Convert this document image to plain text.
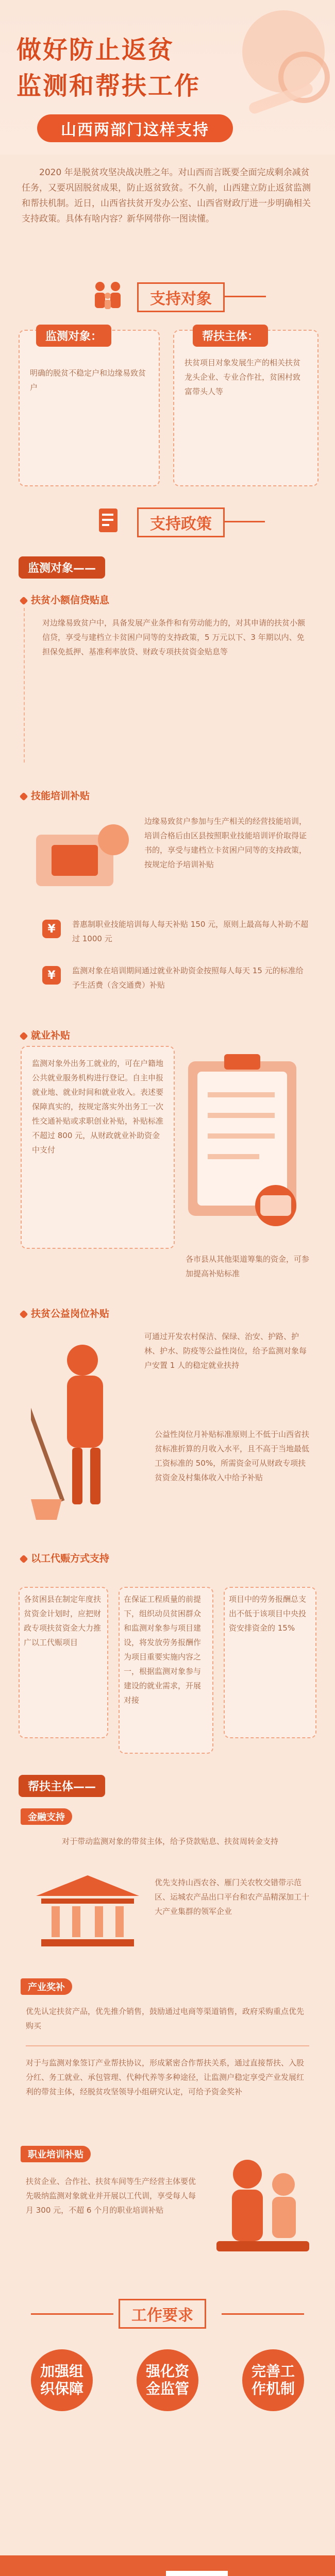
做好防止返贫
监测和帮扶工作
山西两部门这样支持
2020 年是脱贫攻坚决战决胜之年。对山西而言既要全面完成剩余减贫任务，又要巩固脱贫成果，防止返贫致贫。不久前，山西建立防止返贫监测和帮扶机制。近日，山西省扶贫开发办公室、山西省财政厅进一步明确相关支持政策。具体有啥内容？新华网带你一图读懂。
支持对象
监测对象：
明确的脱贫不稳定户和边缘易致贫户
帮扶主体：
扶贫项目对象发展生产的相关扶贫龙头企业、专业合作社，贫困村致富带头人等
支持政策
监测对象——
扶贫小额信贷贴息
对边缘易致贫户中，具备发展产业条件和有劳动能力的，对其申请的扶贫小额信贷，享受与建档立卡贫困户同等的支持政策，5 万元以下、3 年期以内、免担保免抵押、基准利率放贷、财政专项扶贫资金贴息等
技能培训补贴
边缘易致贫户参加与生产相关的经营技能培训，培训合格后由区县按照职业技能培训评价取得证书的，享受与建档立卡贫困户同等的支持政策，按规定给予培训补贴
¥	普惠制职业技能培训每人每天补贴 150 元，原则上最高每人补助不超过 1000 元
¥	监测对象在培训期间通过就业补助资金按照每人每天 15 元的标准给予生活费（含交通费）补贴
就业补贴
监测对象外出务工就业的，可在户籍地公共就业服务机构进行登记。自主申报就业地、就业时间和就业收入。表述要保障真实的，按规定落实外出务工一次性交通补贴或求职创业补贴，补贴标准不超过 800 元，从财政就业补助资金中支付
各市县从其他渠道筹集的资金，可参加提高补贴标准
扶贫公益岗位补贴
可通过开发农村保洁、保绿、治安、护路、护林、护水、防疫等公益性岗位，给予监测对象每户安置 1 人的稳定就业扶持
公益性岗位月补贴标准原则上不低于山西省扶贫标准折算的月收入水平，且不高于当地最低工资标准的 50%，所需资金可从财政专项扶贫资金及村集体收入中给予补贴
以工代赈方式支持
各贫困县在制定年度扶贫资金计划时，应把财政专项扶贫资金大力推广以工代赈项目
在保证工程质量的前提下，组织动员贫困群众和监测对象参与项目建设，将发放劳务报酬作为项目重要实施内容之一，根据监测对象参与建设的就业需求，开展对接
项目中的劳务报酬总支出不低于该项目中央投资安排资金的 15%
帮扶主体——
金融支持
对于带动监测对象的带贫主体，给予贷款贴息、扶贫周转金支持
优先支持山西农谷、雁门关农牧交错带示范区、运城农产品出口平台和农产品精深加工十大产业集群的领军企业
产业奖补
优先认定扶贫产品，优先推介销售，鼓励通过电商等渠道销售，政府采购重点优先购买
对于与监测对象签订产业帮扶协议，形成紧密合作帮扶关系，通过直接帮扶、入股分红、务工就业、承包管理、代种代养等多种途径，让监测户稳定享受产业发展红利的带贫主体，经脱贫攻坚领导小组研究认定，可给予资金奖补
职业培训补贴
扶贫企业、合作社、扶贫车间等生产经营主体要优先吸纳监测对象就业并开展以工代训，享受每人每月 300 元，不超 6 个月的职业培训补贴
工作要求
加强组织保障
强化资金监管
完善工作机制
